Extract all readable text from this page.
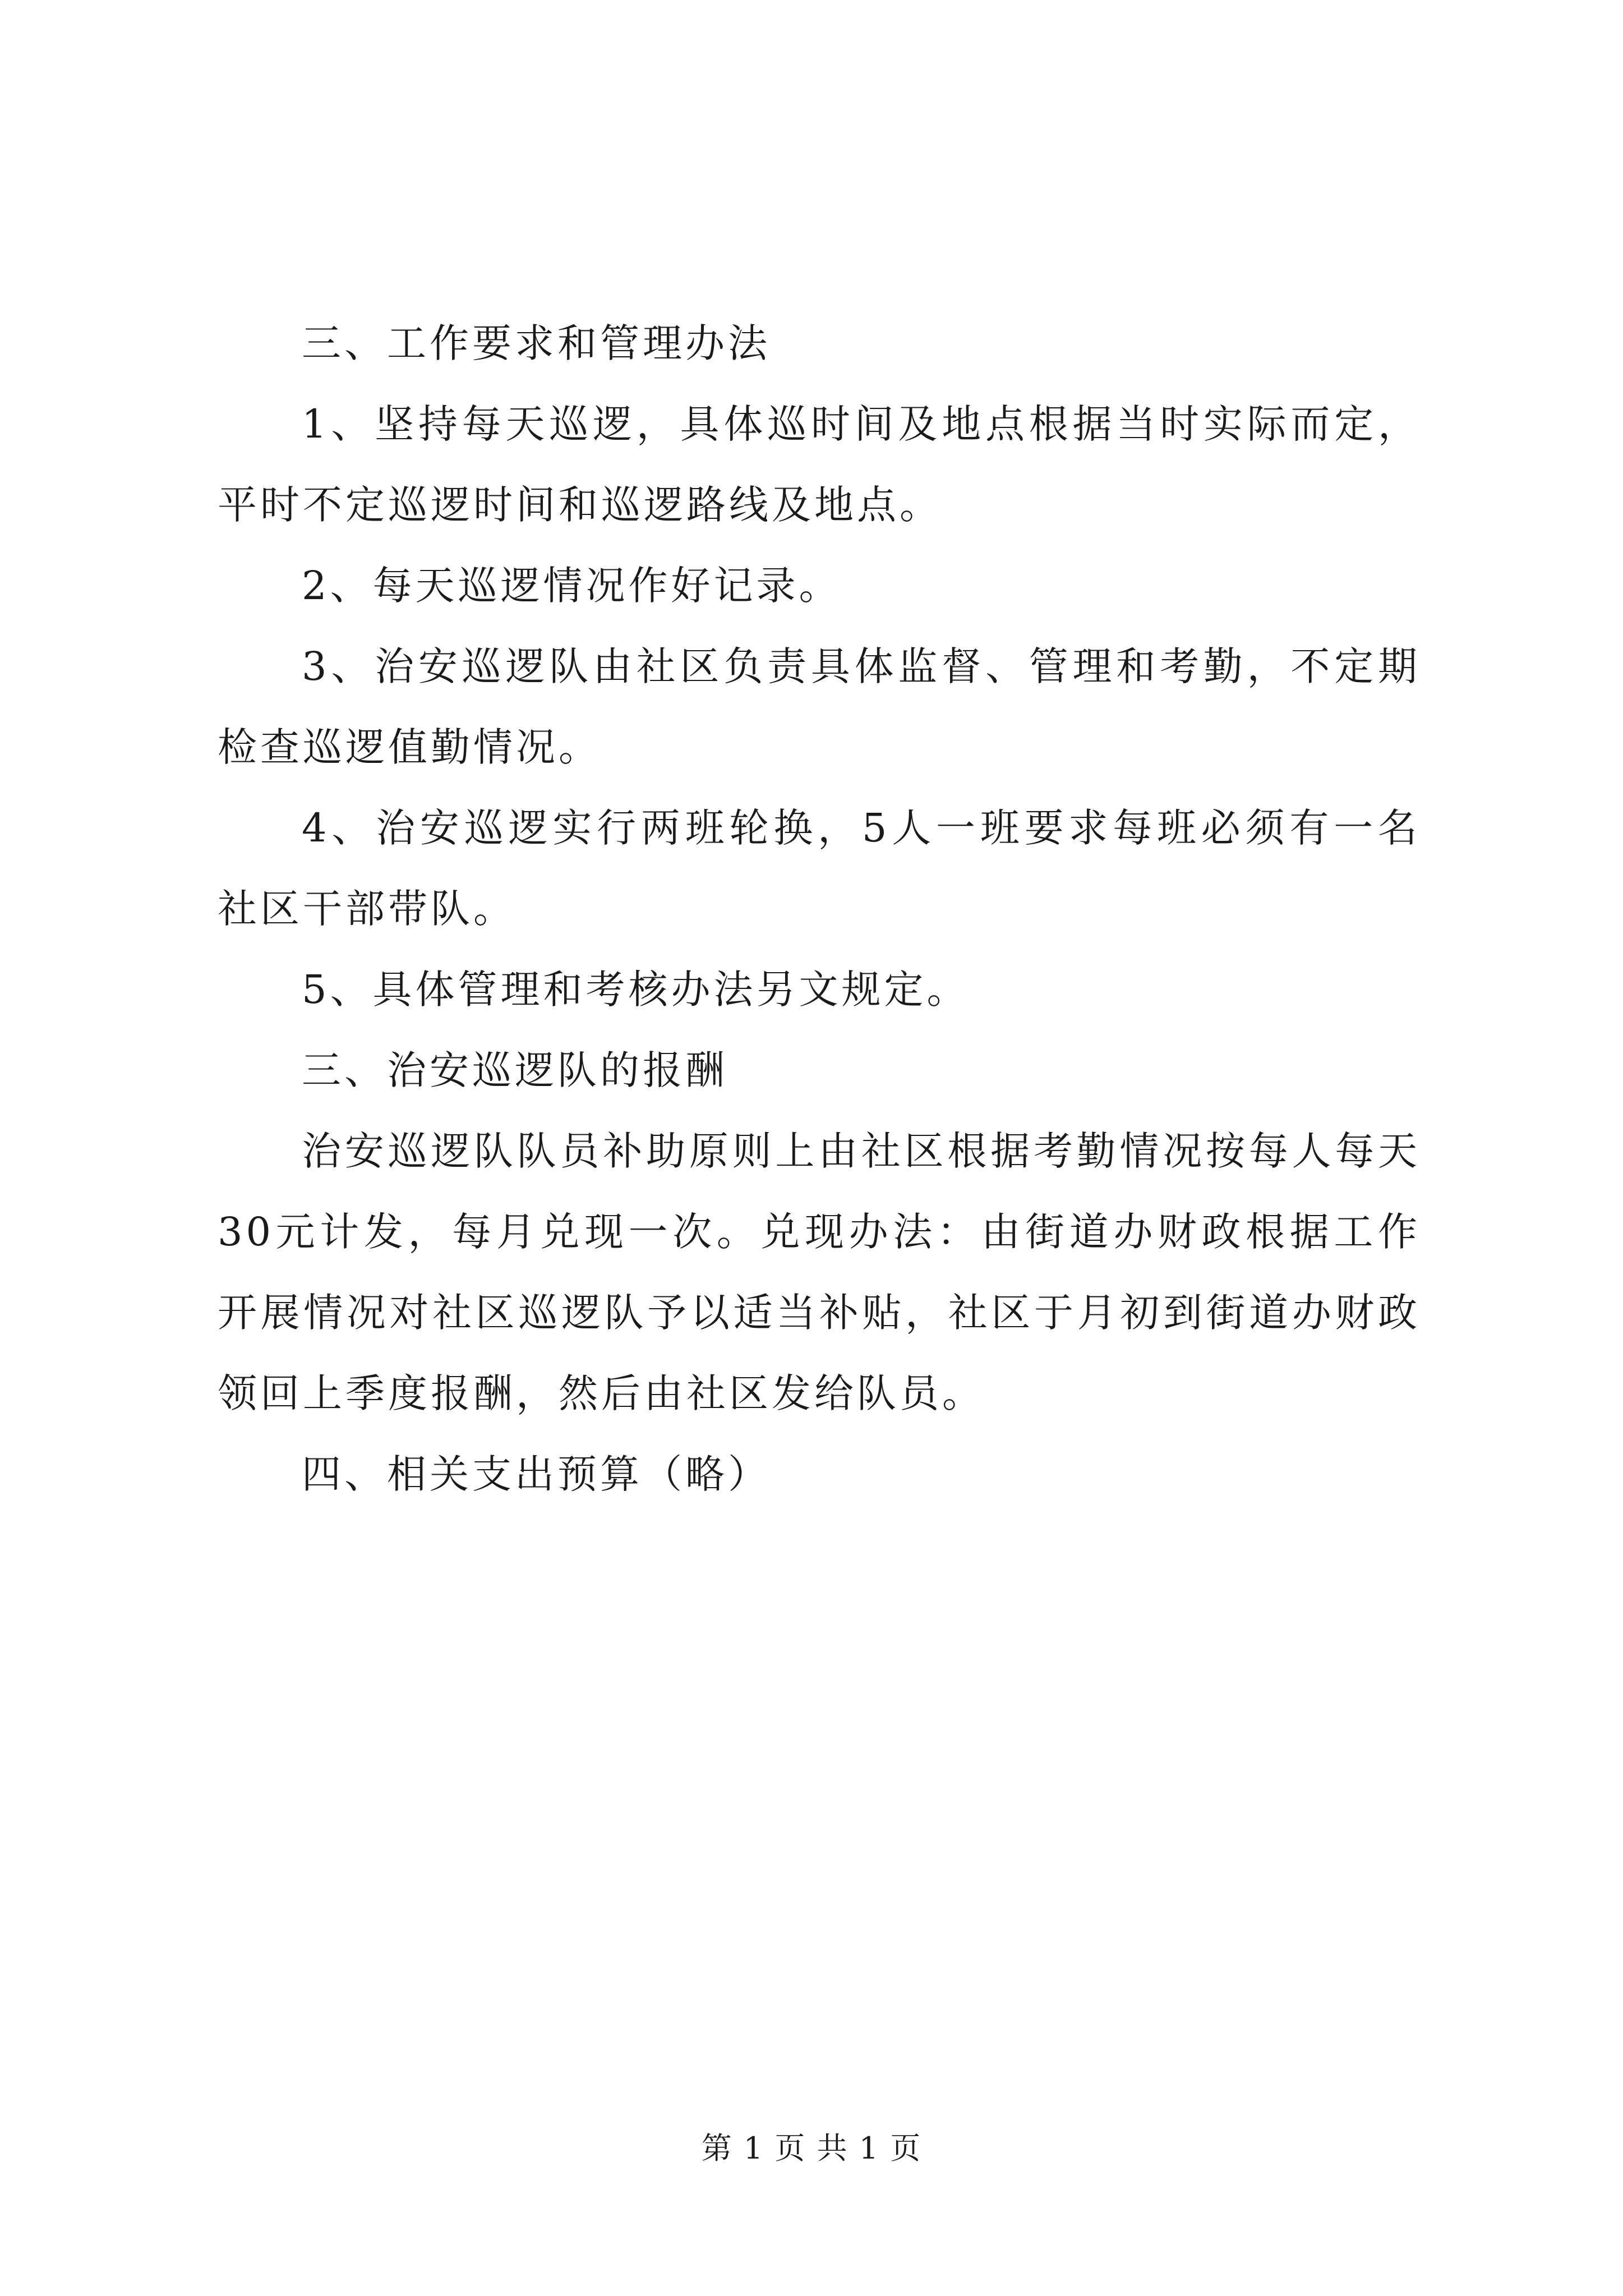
三、工作要求和管理办法

1、坚持每天巡逻，具体巡时间及地点根据当时实际而定，平时不定巡逻时间和巡逻路线及地点。

2、每天巡逻情况作好记录。

3、治安巡逻队由社区负责具体监督、管理和考勤，不定期检查巡逻值勤情况。

4、治安巡逻实行两班轮换，5人一班要求每班必须有一名社区干部带队。

5、具体管理和考核办法另文规定。

三、治安巡逻队的报酬

治安巡逻队队员补助原则上由社区根据考勤情况按每人每天30元计发，每月兑现一次。兑现办法：由街道办财政根据工作开展情况对社区巡逻队予以适当补贴，社区于月初到街道办财政领回上季度报酬，然后由社区发给队员。

四、相关支出预算（略）

第 1 页 共 1 页
